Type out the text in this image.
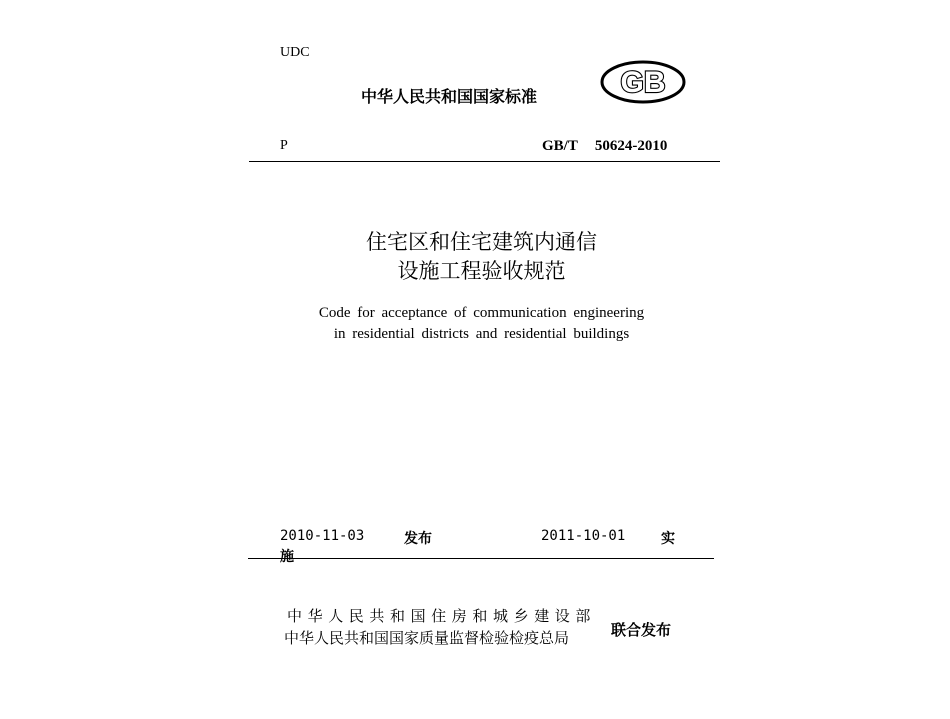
UDC
中华人民共和国国家标准	GB
P	GB/T 50624-2010
住宅区和住宅建筑内通信
设施工程验收规范
Code for acceptance of communication engineering
in residential districts and residential buildings
2010-11-03	发布	2011-10-01	实
施
中华人民共和国住房和城乡建设部
中华人民共和国国家质量监督检验检疫总局	联合发布
